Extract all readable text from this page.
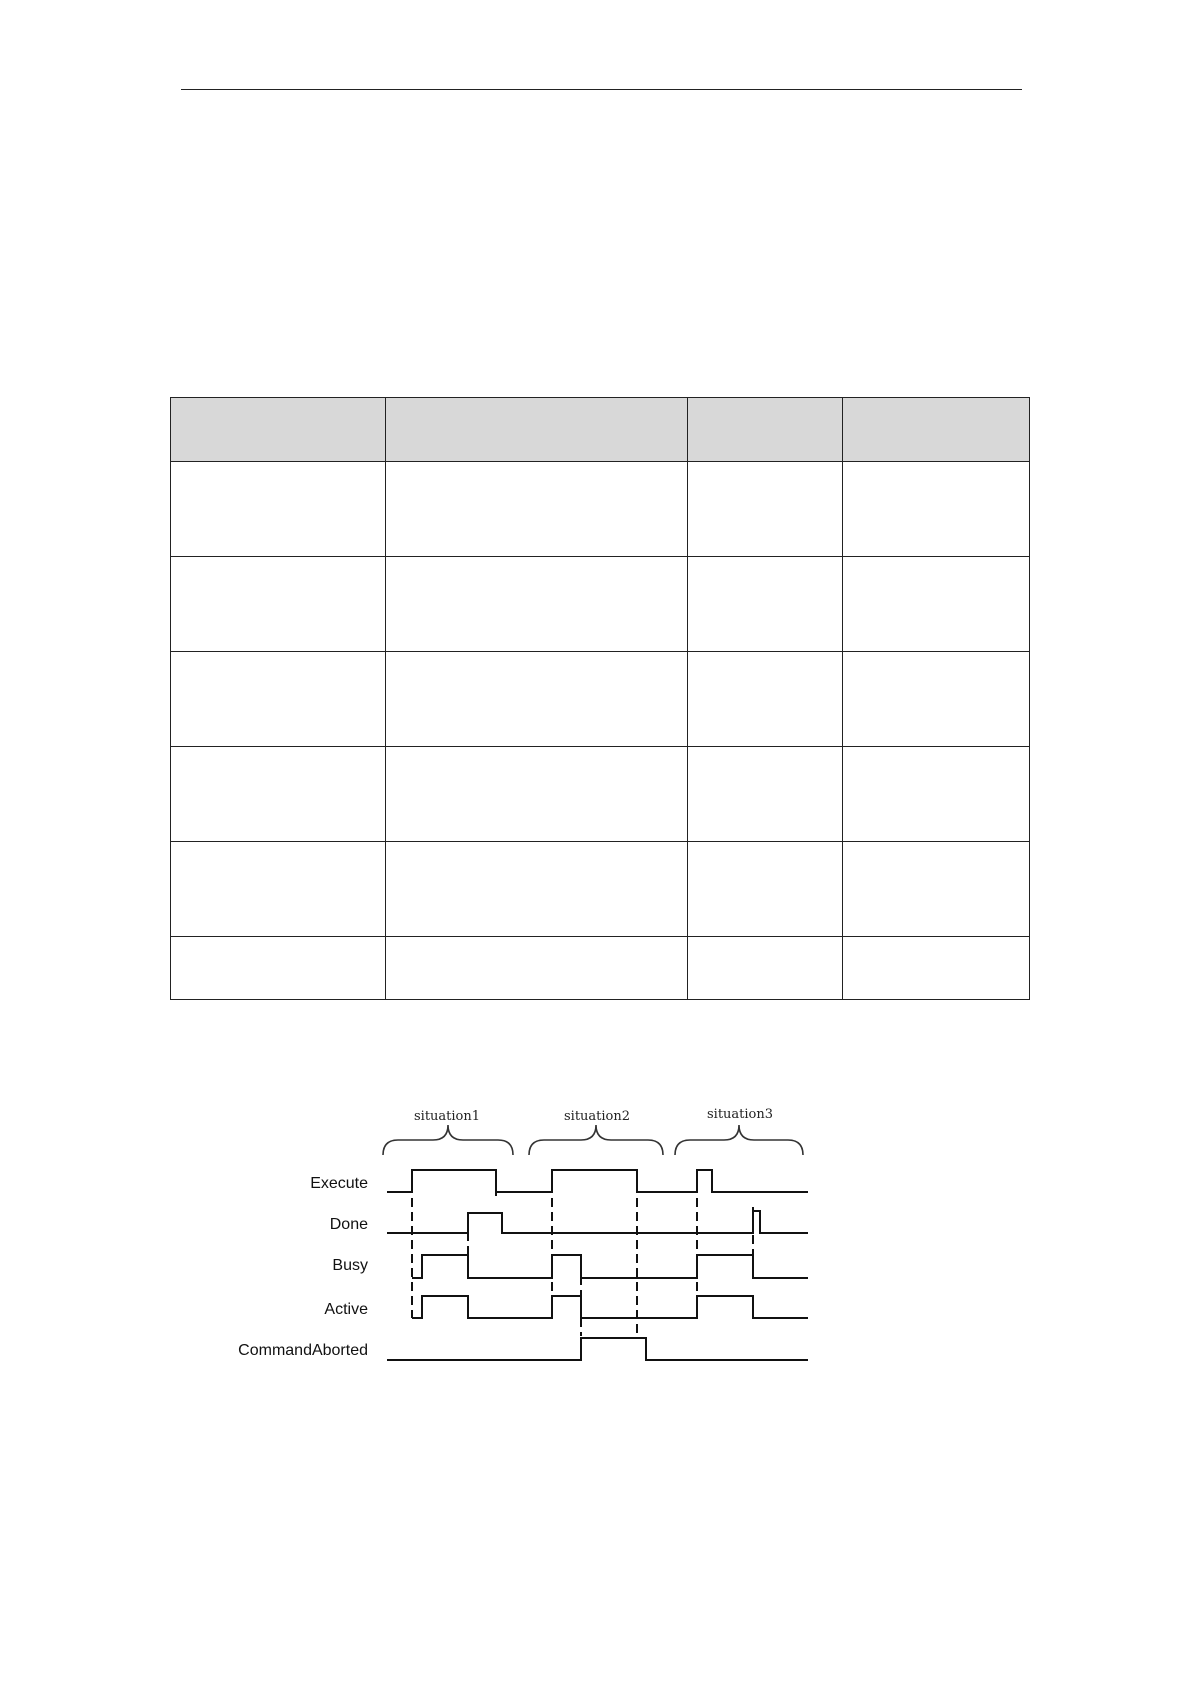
situation1	situation2	situation3
Execute
Done
Busy
Active
CommandAborted
